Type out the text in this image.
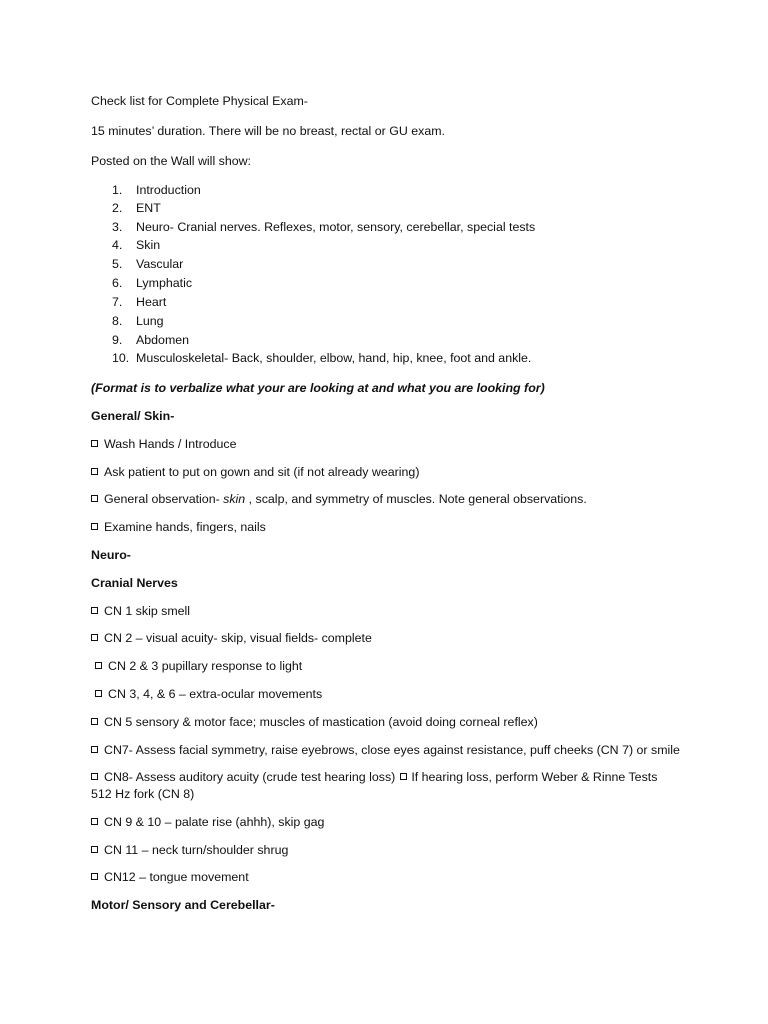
Check list for Complete Physical Exam-
15 minutes’ duration. There will be no breast, rectal or GU exam.
Posted on the Wall will show:
1. Introduction
2. ENT
3. Neuro- Cranial nerves. Reflexes, motor, sensory, cerebellar, special tests
4. Skin
5. Vascular
6. Lymphatic
7. Heart
8. Lung
9. Abdomen
10. Musculoskeletal- Back, shoulder, elbow, hand, hip, knee, foot and ankle.
(Format is to verbalize what your are looking at and what you are looking for)
General/ Skin-
Wash Hands / Introduce
Ask patient to put on gown and sit (if not already wearing)
General observation- skin , scalp, and symmetry of muscles. Note general observations.
Examine hands, fingers, nails
Neuro-
Cranial Nerves
CN 1 skip smell
CN 2 – visual acuity- skip, visual fields- complete
CN 2 & 3 pupillary response to light
CN 3, 4, & 6 – extra-ocular movements
CN 5 sensory & motor face; muscles of mastication (avoid doing corneal reflex)
CN7- Assess facial symmetry, raise eyebrows, close eyes against resistance, puff cheeks (CN 7) or smile
CN8- Assess auditory acuity (crude test hearing loss) If hearing loss, perform Weber & Rinne Tests
512 Hz fork (CN 8)
CN 9 & 10 – palate rise (ahhh), skip gag
CN 11 – neck turn/shoulder shrug
CN12 – tongue movement
Motor/ Sensory and Cerebellar-
